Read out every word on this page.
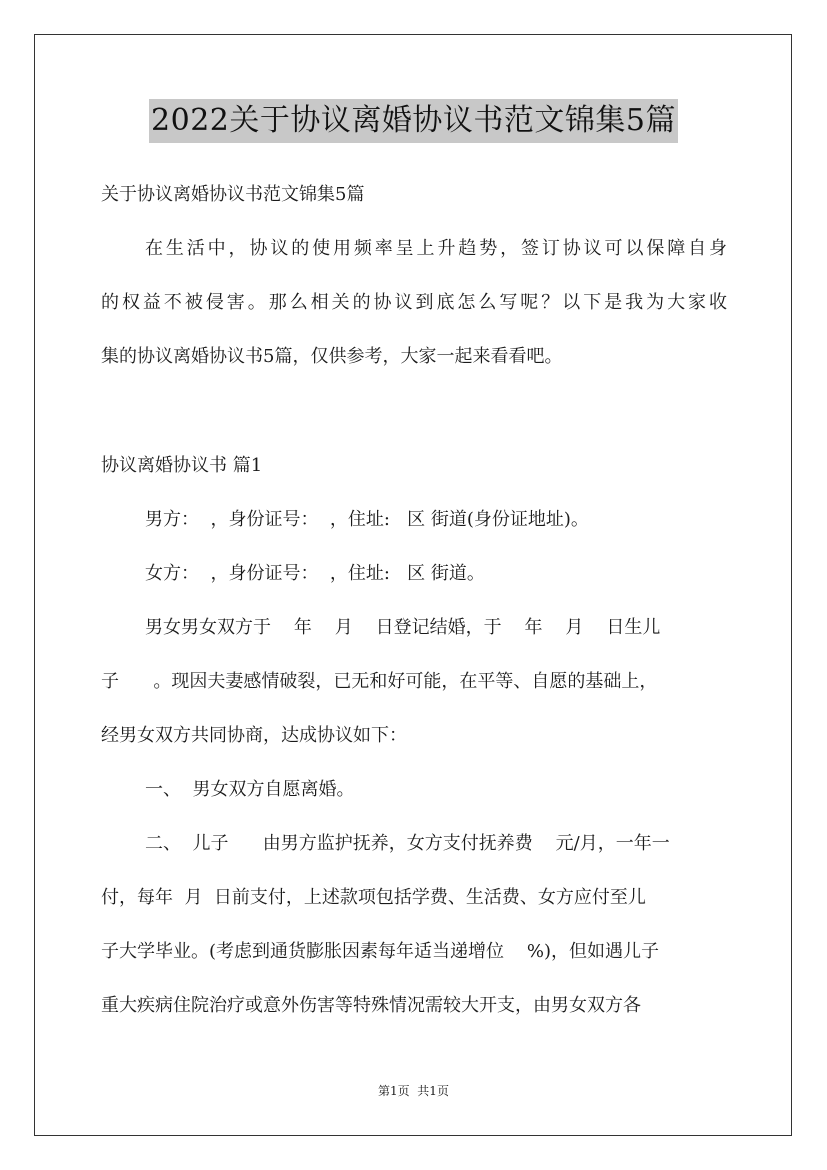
2022关于协议离婚协议书范文锦集5篇
关于协议离婚协议书范文锦集5篇
在生活中，协议的使用频率呈上升趋势，签订协议可以保障自身
的权益不被侵害。那么相关的协议到底怎么写呢？以下是我为大家收
集的协议离婚协议书5篇，仅供参考，大家一起来看看吧。
协议离婚协议书 篇1
男方：  ，身份证号：  ，住址:   区 街道(身份证地址)。
女方：  ，身份证号：  ，住址:   区 街道。
男女男女双方于    年    月    日登记结婚，于    年    月    日生儿
子      。现因夫妻感情破裂，已无和好可能，在平等、自愿的基础上，
经男女双方共同协商，达成协议如下：
一、  男女双方自愿离婚。
二、  儿子      由男方监护抚养，女方支付抚养费    元/月，一年一
付，每年  月  日前支付，上述款项包括学费、生活费、女方应付至儿
子大学毕业。(考虑到通货膨胀因素每年适当递增位    %)，但如遇儿子
重大疾病住院治疗或意外伤害等特殊情况需较大开支，由男女双方各
第1页  共1页
